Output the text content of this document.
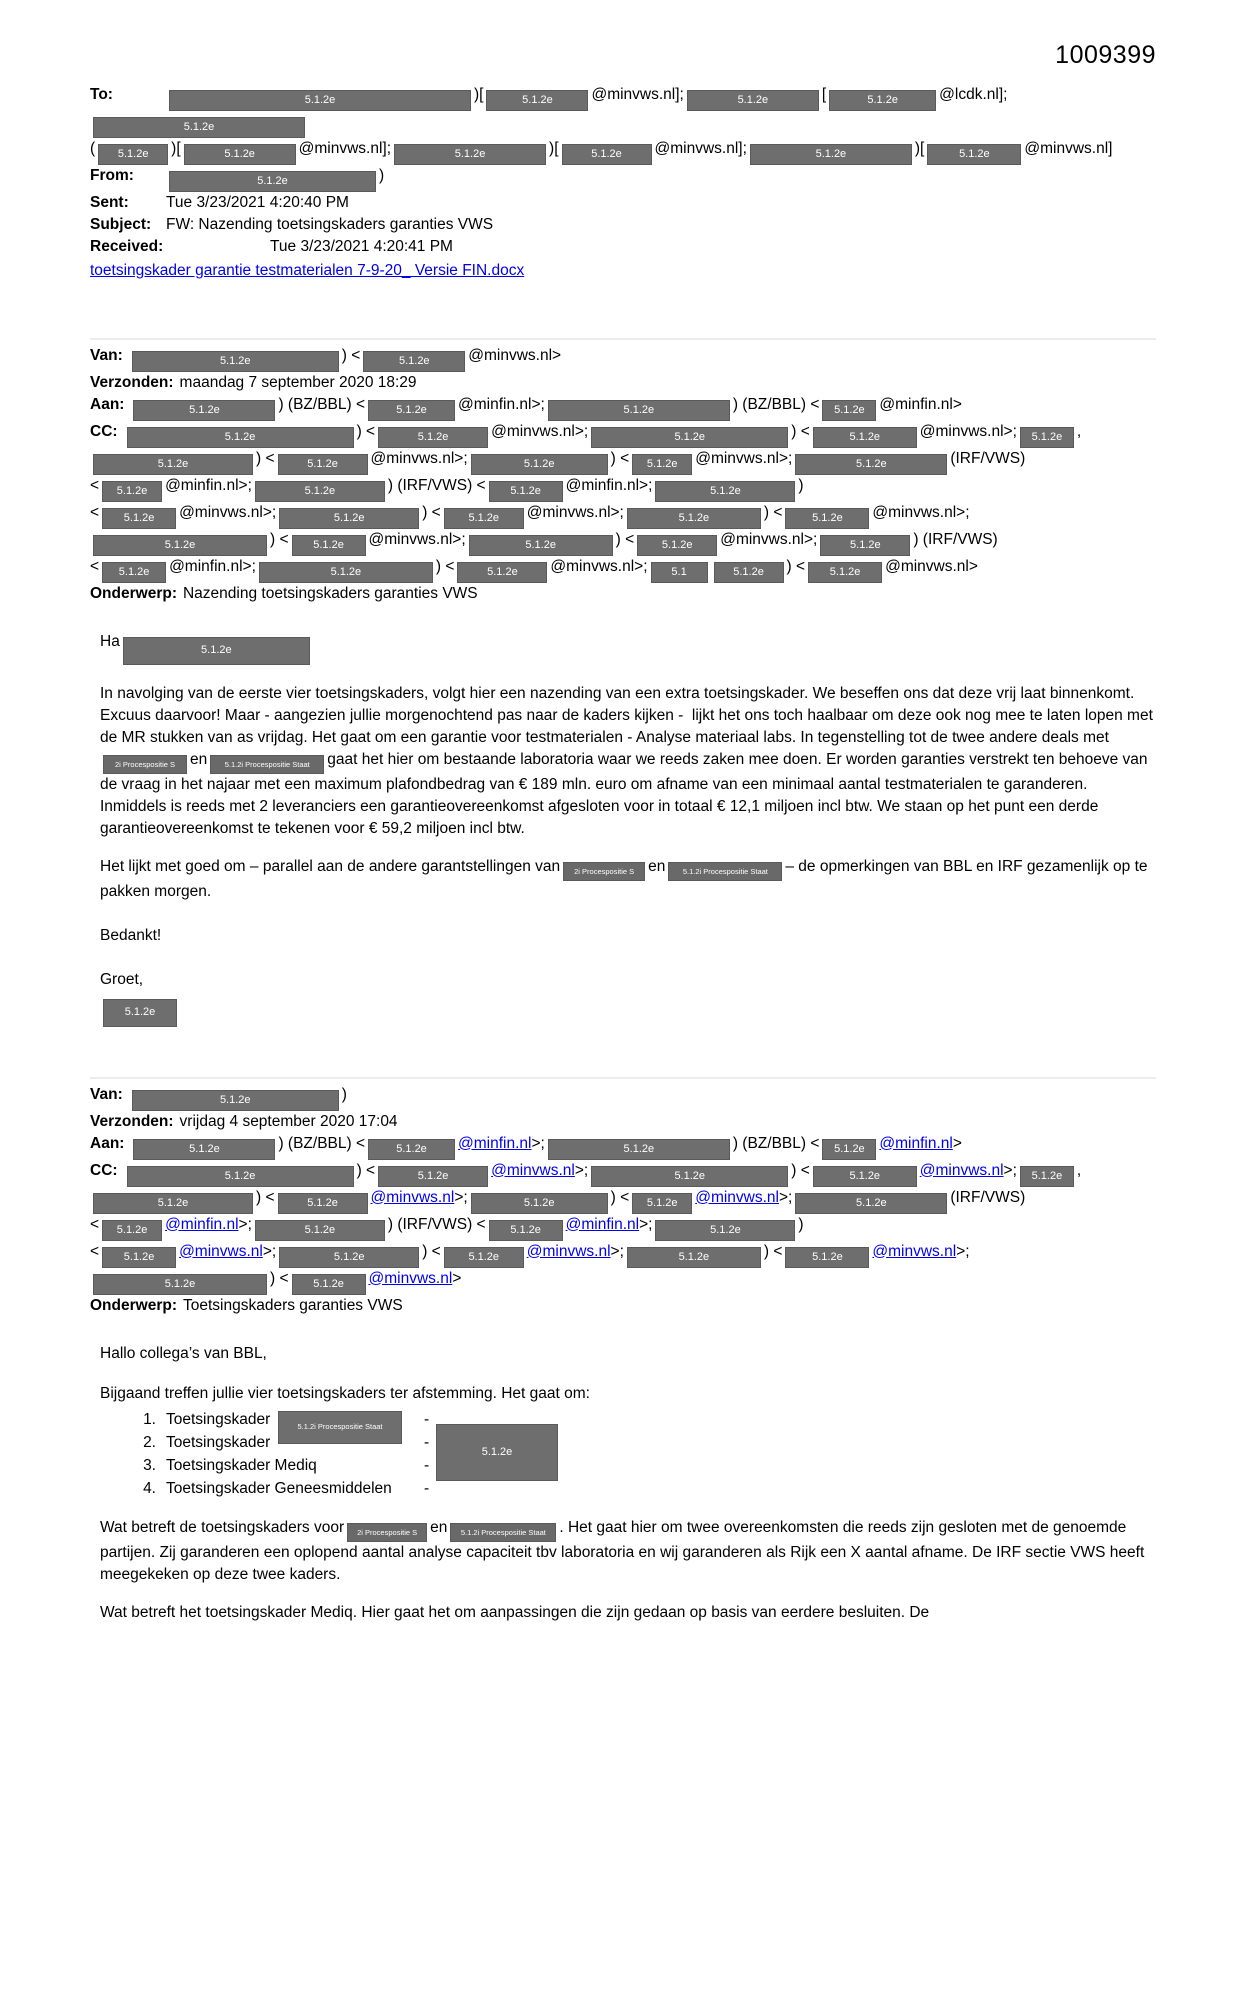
1009399
To:	5.1.2e	)[	5.1.2e @minvws.nl];	5.1.2e	[	5.1.2e	@lcdk.nl];5.1.2e
( 5.1.2e )[	5.1.2e	@minvws.nl];	5.1.2e	)[	5.1.2e @minvws.nl];	5.1.2e	)[	5.1.2e @minvws.nl]
From:	5.1.2e	)
Sent: Tue 3/23/2021 4:20:40 PM
Subject: FW: Nazending toetsingskaders garanties VWS
Received:	Tue 3/23/2021 4:20:41 PM
toetsingskader garantie testmaterialen 7-9-20_ Versie FIN.docx
Van:	5.1.2e	) <	5.1.2e @minvws.nl>
Verzonden: maandag 7 september 2020 18:29
Aan:	5.1.2e	) (BZ/BBL) <	5.1.2e @minfin.nl>;	5.1.2e	) (BZ/BBL) < 5.1.2e @minfin.nl>
CC:	5.1.2e	) <	5.1.2e	@minvws.nl>;	5.1.2e	) <	5.1.2e	@minvws.nl>; 5.1.2e ,
5.1.2e	) <	5.1.2e @minvws.nl>;	5.1.2e	) < 5.1.2e @minvws.nl>;	5.1.2e	(IRF/VWS)
< 5.1.2e @minfin.nl>;	5.1.2e	) (IRF/VWS) < 5.1.2e @minfin.nl>;	5.1.2e	)
< 5.1.2e @minvws.nl>;	5.1.2e	) <	5.1.2e @minvws.nl>;	5.1.2e	) <	5.1.2e @minvws.nl>;
5.1.2e	) < 5.1.2e @minvws.nl>;	5.1.2e	) <	5.1.2e @minvws.nl>;	5.1.2e ) (IRF/VWS)
< 5.1.2e @minfin.nl>;	5.1.2e	) <	5.1.2e @minvws.nl>; 5.1	5.1.2e ) < 5.1.2e @minvws.nl>
Onderwerp: Nazending toetsingskaders garanties VWS
Ha	5.1.2e
In navolging van de eerste vier toetsingskaders, volgt hier een nazending van een extra toetsingskader. We beseffen ons dat deze vrij laat binnenkomt. Excuus daarvoor! Maar - aangezien jullie morgenochtend pas naar de kaders kijken -  lijkt het ons toch haalbaar om deze ook nog mee te laten lopen met de MR stukken van as vrijdag. Het gaat om een garantie voor testmaterialen - Analyse materiaal labs. In tegenstelling tot de twee andere deals met2i Procespositie S en 5.1.2i Procespositie Staat gaat het hier om bestaande laboratoria waar we reeds zaken mee doen. Er worden garanties verstrekt ten behoeve van de vraag in het najaar met een maximum plafondbedrag van € 189 mln. euro om afname van een minimaal aantal testmaterialen te garanderen. Inmiddels is reeds met 2 leveranciers een garantieovereenkomst afgesloten voor in totaal € 12,1 miljoen incl btw. We staan op het punt een derde garantieovereenkomst te tekenen voor € 59,2 miljoen incl btw.
Het lijkt met goed om – parallel aan de andere garantstellingen van 2i Procespositie S en 5.1.2i Procespositie Staat – de opmerkingen van BBL en IRF gezamenlijk op te pakken morgen.
Bedankt!
Groet,
5.1.2e
Van:	5.1.2e	)
Verzonden: vrijdag 4 september 2020 17:04
Aan:	5.1.2e	) (BZ/BBL) <	5.1.2e @minfin.nl>;	5.1.2e	) (BZ/BBL) < 5.1.2e @minfin.nl>
CC:	5.1.2e	) <	5.1.2e	@minvws.nl>;	5.1.2e	) <	5.1.2e	@minvws.nl>; 5.1.2e ,
5.1.2e	) <	5.1.2e @minvws.nl>;	5.1.2e	) < 5.1.2e @minvws.nl>;	5.1.2e	(IRF/VWS)
< 5.1.2e @minfin.nl>;	5.1.2e	) (IRF/VWS) < 5.1.2e @minfin.nl>;	5.1.2e	)
< 5.1.2e @minvws.nl>;	5.1.2e	) <	5.1.2e @minvws.nl>;	5.1.2e	) <	5.1.2e @minvws.nl>;
5.1.2e	) < 5.1.2e @minvws.nl>
Onderwerp: Toetsingskaders garanties VWS
Hallo collega’s van BBL,
Bijgaand treffen jullie vier toetsingskaders ter afstemming. Het gaat om:
1. Toetsingskader	-
2. Toetsingskader	-
3. Toetsingskader Mediq	-
4. Toetsingskader Geneesmiddelen	-
5.1.2i Procespositie Staat
5.1.2e
Wat betreft de toetsingskaders voor 2i Procespositie S en 5.1.2i Procespositie Staat . Het gaat hier om twee overeenkomsten die reeds zijn gesloten met de genoemde partijen. Zij garanderen een oplopend aantal analyse capaciteit tbv laboratoria en wij garanderen als Rijk een X aantal afname. De IRF sectie VWS heeft meegekeken op deze twee kaders.
Wat betreft het toetsingskader Mediq. Hier gaat het om aanpassingen die zijn gedaan op basis van eerdere besluiten. De
